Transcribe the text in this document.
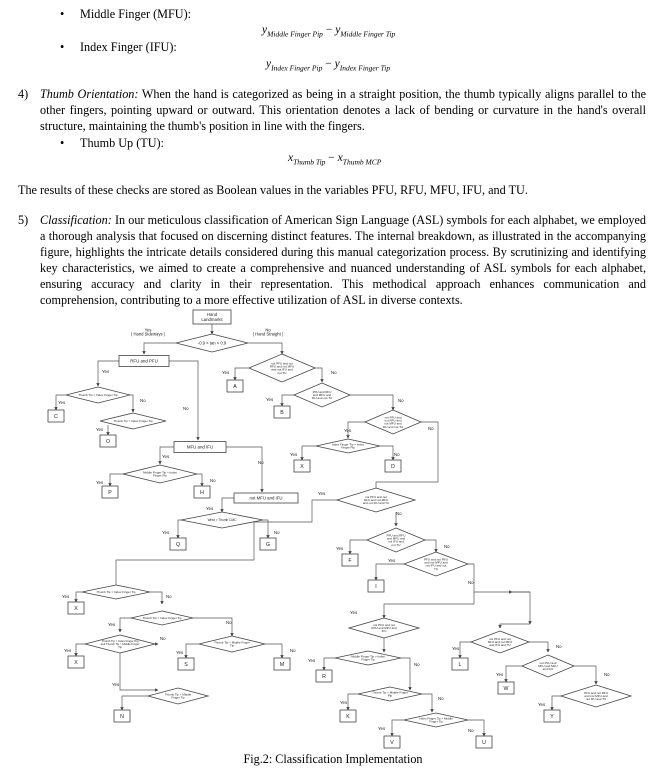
• Middle Finger (MFU):
$y_{Middle Finger Pip} - y_{Middle Finger Tip}$
• Index Finger (IFU):
$y_{Index Finger Pip} - y_{Index Finger Tip}$
4) Thumb Orientation: When the hand is categorized as being in a straight position, the thumb typically aligns parallel to the other fingers, pointing upward or outward. This orientation denotes a lack of bending or curvature in the hand's overall structure, maintaining the thumb's position in line with the fingers.
• Thumb Up (TU):
$x_{Thumb Tip} - x_{Thumb MCP}$
The results of these checks are stored as Boolean values in the variables PFU, RFU, MFU, IFU, and TU.
5) Classification: In our meticulous classification of American Sign Language (ASL) symbols for each alphabet, we employed a thorough analysis that focused on discerning distinct features. The internal breakdown, as illustrated in the accompanying figure, highlights the intricate details considered during this manual categorization process. By scrutinizing and identifying key characteristics, we aimed to create a comprehensive and nuanced understanding of ASL symbols for each alphabet, ensuring accuracy and clarity in their representation. This methodical approach enhances communication and comprehension, contributing to a more effective utilization of ASL in diverse contexts.
Hand Landmarks
-0.9 < tan < 0.9
Yes ( Hand Sideways )
No ( Hand Straight )
RFU and PFU
Yes
Thumb Tip < Index Finger Tip
Yes
C
No
Thumb Tip > Index Finger Tip
Yes
O
No
MFU and IFU
Yes
Middle Finger Tip > Index Finger Pip
Yes
P
No
H
No
not MFU and IFU
Yes
Wrist > Thumb CMC
Yes
Q
No
G
not PFU and not RFU and not MFU and not IFU and not TU
Yes
A
No
PFU and RFU and MFU and IFU and not TU
Yes
B
No
not PFU and not RFU and not MFU and IFU and not TU
Yes
Index Finger Tip > Index Finger Pip
Yes
X
No
D
No
not PFU and not RFU and not MFU and not IFU and TU
Yes
No
PFU and RFU and MFU and not IFU and not TU
Yes
F
No
PFU and not RFU and not MFU and not IFU and not TU
Yes
I
No
Thumb Tip > Index Finger Tip
Yes
X
No
Thumb Tip > Index Finger Tip
Yes
Thumb Tip > Index Finger Pip and Thumb Tip > Middle Finger Tip
Yes
X
No
No
Thumb Tip > Middle Finger Tip
Yes
S
No
M
Yes
Thumb Tip > Middle Finger Tip
N
not PFU and not RFU and MFU and IFU
Yes
Middle Finger Tip > Index Finger Tip
Yes
R
No
Thumb Tip > Middle Finger Pip
Yes
K
No
Index Finger Tip > Middle Finger Tip
Yes
V
No
U
not PFU and not RFU and not MFU and IFU and TU
Yes
L
No
not PFU and RFU and MFU and IFU
Yes
W
No
PFU and not RFU and not MFU and not IFU and TU
Yes
Y
Fig.2: Classification Implementation
